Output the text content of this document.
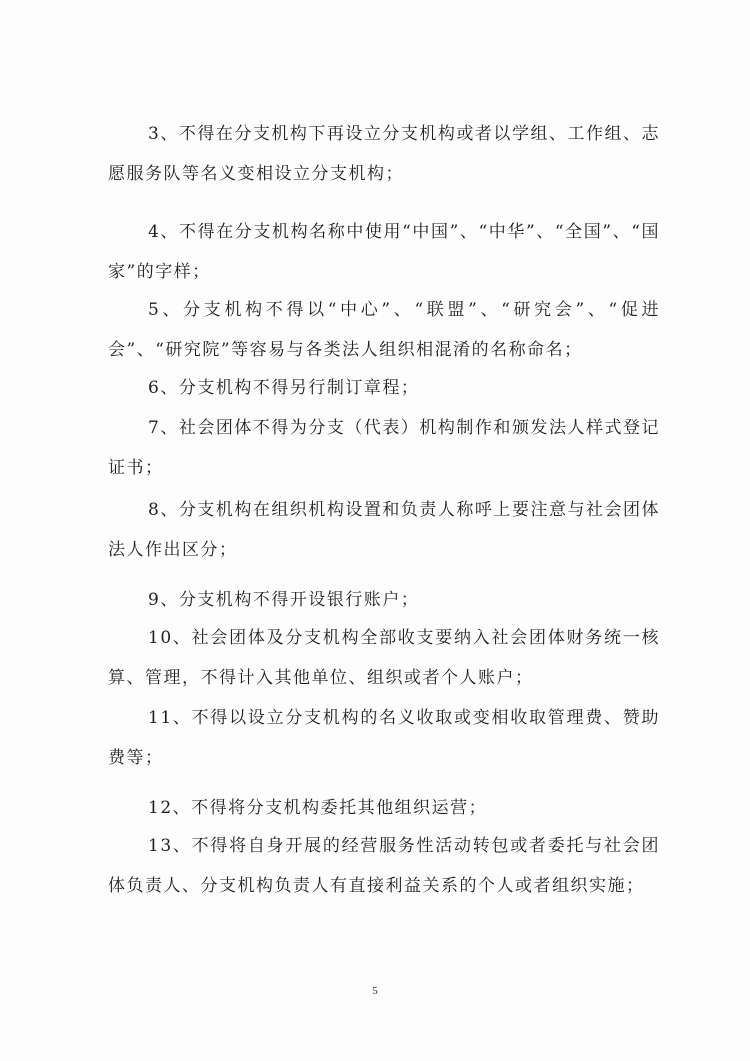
3、不得在分支机构下再设立分支机构或者以学组、工作组、志愿服务队等名义变相设立分支机构；

4、不得在分支机构名称中使用“中国”、“中华”、“全国”、“国家”的字样；

5、分支机构不得以“中心”、“联盟”、“研究会”、“促进会”、“研究院”等容易与各类法人组织相混淆的名称命名；

6、分支机构不得另行制订章程；

7、社会团体不得为分支（代表）机构制作和颁发法人样式登记证书；

8、分支机构在组织机构设置和负责人称呼上要注意与社会团体法人作出区分；

9、分支机构不得开设银行账户；

10、社会团体及分支机构全部收支要纳入社会团体财务统一核算、管理，不得计入其他单位、组织或者个人账户；

11、不得以设立分支机构的名义收取或变相收取管理费、赞助费等；

12、不得将分支机构委托其他组织运营；

13、不得将自身开展的经营服务性活动转包或者委托与社会团体负责人、分支机构负责人有直接利益关系的个人或者组织实施；

5
